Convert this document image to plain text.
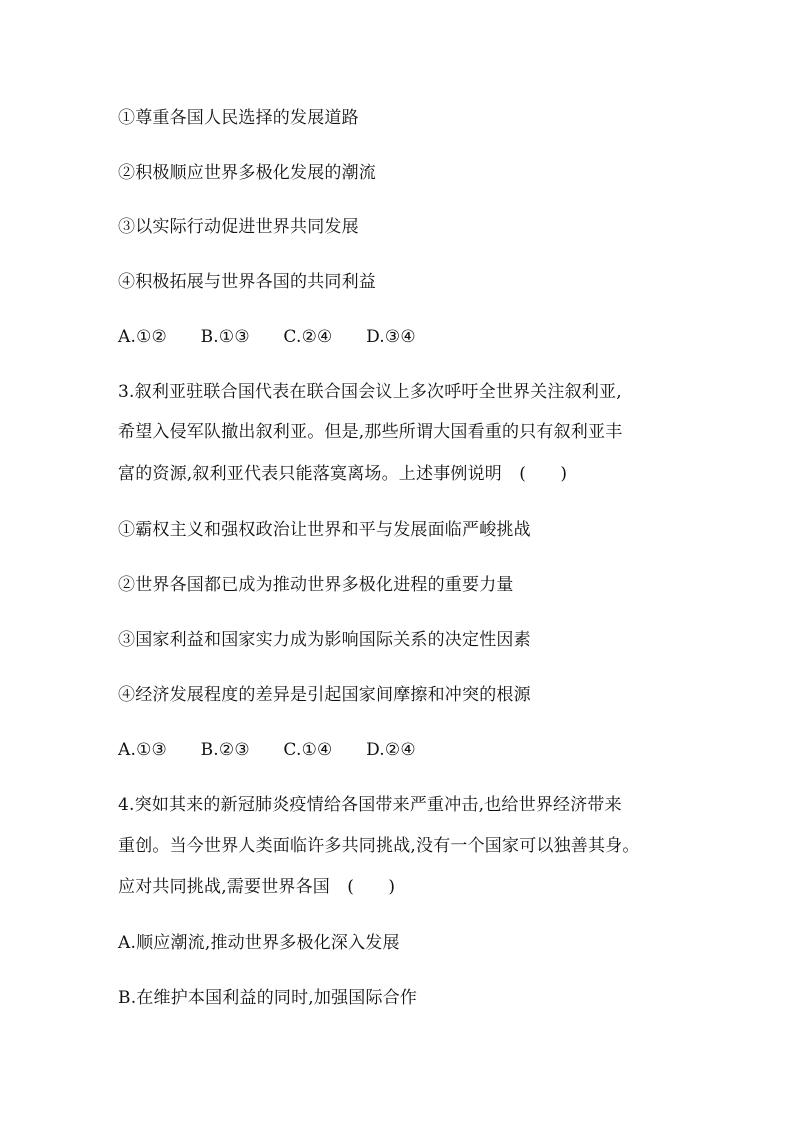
①尊重各国人民选择的发展道路
②积极顺应世界多极化发展的潮流
③以实际行动促进世界共同发展
④积极拓展与世界各国的共同利益
A.①② B.①③ C.②④ D.③④
3.叙利亚驻联合国代表在联合国会议上多次呼吁全世界关注叙利亚,
希望入侵军队撤出叙利亚。但是,那些所谓大国看重的只有叙利亚丰
富的资源,叙利亚代表只能落寞离场。上述事例说明　(　　)
①霸权主义和强权政治让世界和平与发展面临严峻挑战
②世界各国都已成为推动世界多极化进程的重要力量
③国家利益和国家实力成为影响国际关系的决定性因素
④经济发展程度的差异是引起国家间摩擦和冲突的根源
A.①③ B.②③ C.①④ D.②④
4.突如其来的新冠肺炎疫情给各国带来严重冲击,也给世界经济带来
重创。当今世界人类面临许多共同挑战,没有一个国家可以独善其身。
应对共同挑战,需要世界各国　(　　)
A.顺应潮流,推动世界多极化深入发展
B.在维护本国利益的同时,加强国际合作
